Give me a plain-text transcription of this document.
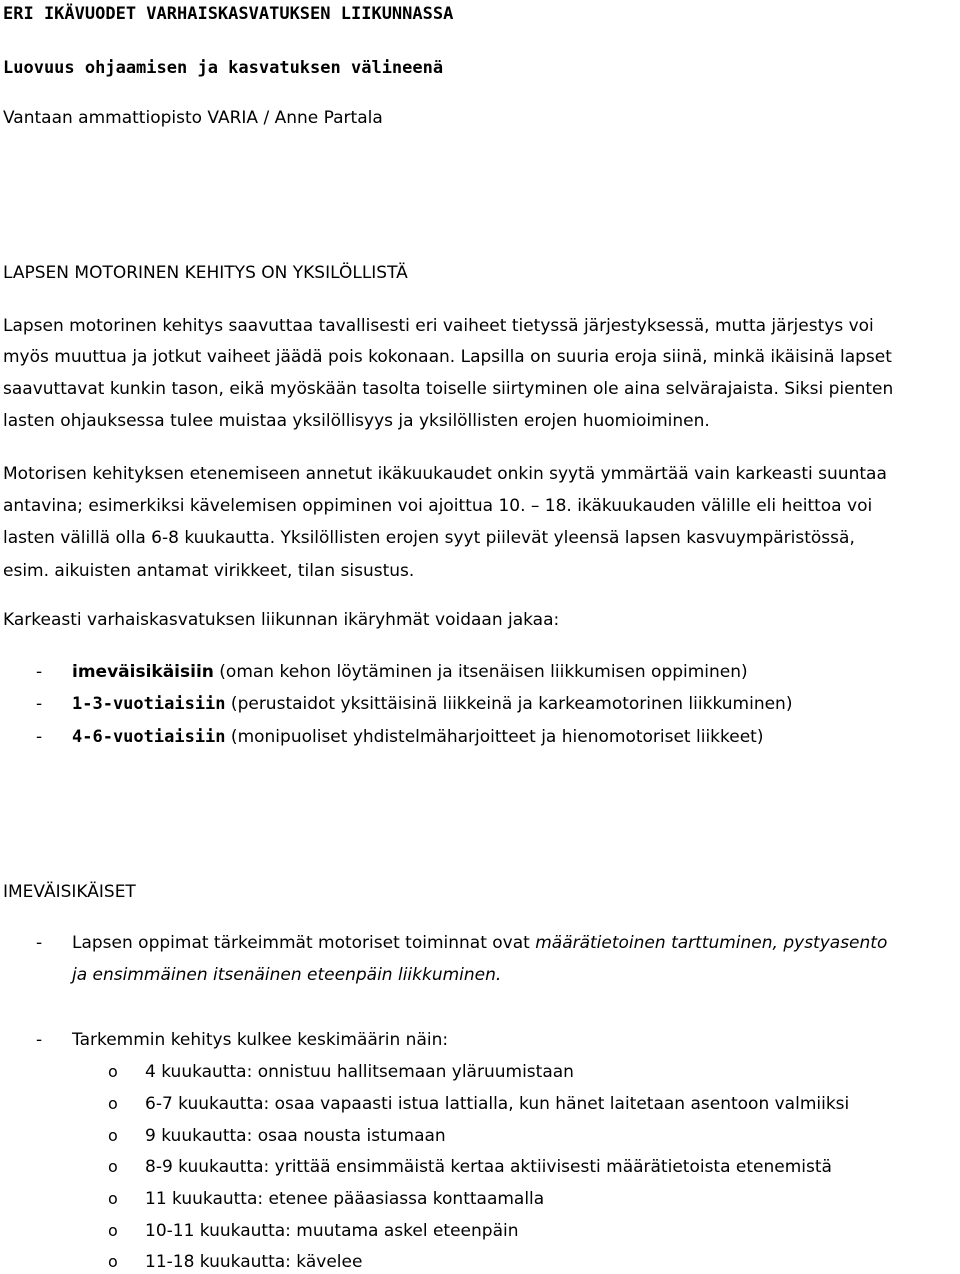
ERI IKÄVUODET VARHAISKASVATUKSEN LIIKUNNASSA
Luovuus ohjaamisen ja kasvatuksen välineenä
Vantaan ammattiopisto VARIA / Anne Partala
LAPSEN MOTORINEN KEHITYS ON YKSILÖLLISTÄ
Lapsen motorinen kehitys saavuttaa tavallisesti eri vaiheet tietyssä järjestyksessä, mutta järjestys voi
myös muuttua ja jotkut vaiheet jäädä pois kokonaan. Lapsilla on suuria eroja siinä, minkä ikäisinä lapset
saavuttavat kunkin tason, eikä myöskään tasolta toiselle siirtyminen ole aina selvärajaista. Siksi pienten
lasten ohjauksessa tulee muistaa yksilöllisyys ja yksilöllisten erojen huomioiminen.
Motorisen kehityksen etenemiseen annetut ikäkuukaudet onkin syytä ymmärtää vain karkeasti suuntaa
antavina; esimerkiksi kävelemisen oppiminen voi ajoittua 10. – 18. ikäkuukauden välille eli heittoa voi
lasten välillä olla 6-8 kuukautta. Yksilöllisten erojen syyt piilevät yleensä lapsen kasvuympäristössä,
esim. aikuisten antamat virikkeet, tilan sisustus.
Karkeasti varhaiskasvatuksen liikunnan ikäryhmät voidaan jakaa:
- imeväisikäisiin (oman kehon löytäminen ja itsenäisen liikkumisen oppiminen)
- 1-3-vuotiaisiin (perustaidot yksittäisinä liikkeinä ja karkeamotorinen liikkuminen)
- 4-6-vuotiaisiin (monipuoliset yhdistelmäharjoitteet ja hienomotoriset liikkeet)
IMEVÄISIKÄISET
- Lapsen oppimat tärkeimmät motoriset toiminnat ovat määrätietoinen tarttuminen, pystyasento
ja ensimmäinen itsenäinen eteenpäin liikkuminen.
- Tarkemmin kehitys kulkee keskimäärin näin:
o 4 kuukautta: onnistuu hallitsemaan yläruumistaan
o 6-7 kuukautta: osaa vapaasti istua lattialla, kun hänet laitetaan asentoon valmiiksi
o 9 kuukautta: osaa nousta istumaan
o 8-9 kuukautta: yrittää ensimmäistä kertaa aktiivisesti määrätietoista etenemistä
o 11 kuukautta: etenee pääasiassa konttaamalla
o 10-11 kuukautta: muutama askel eteenpäin
o 11-18 kuukautta: kävelee
